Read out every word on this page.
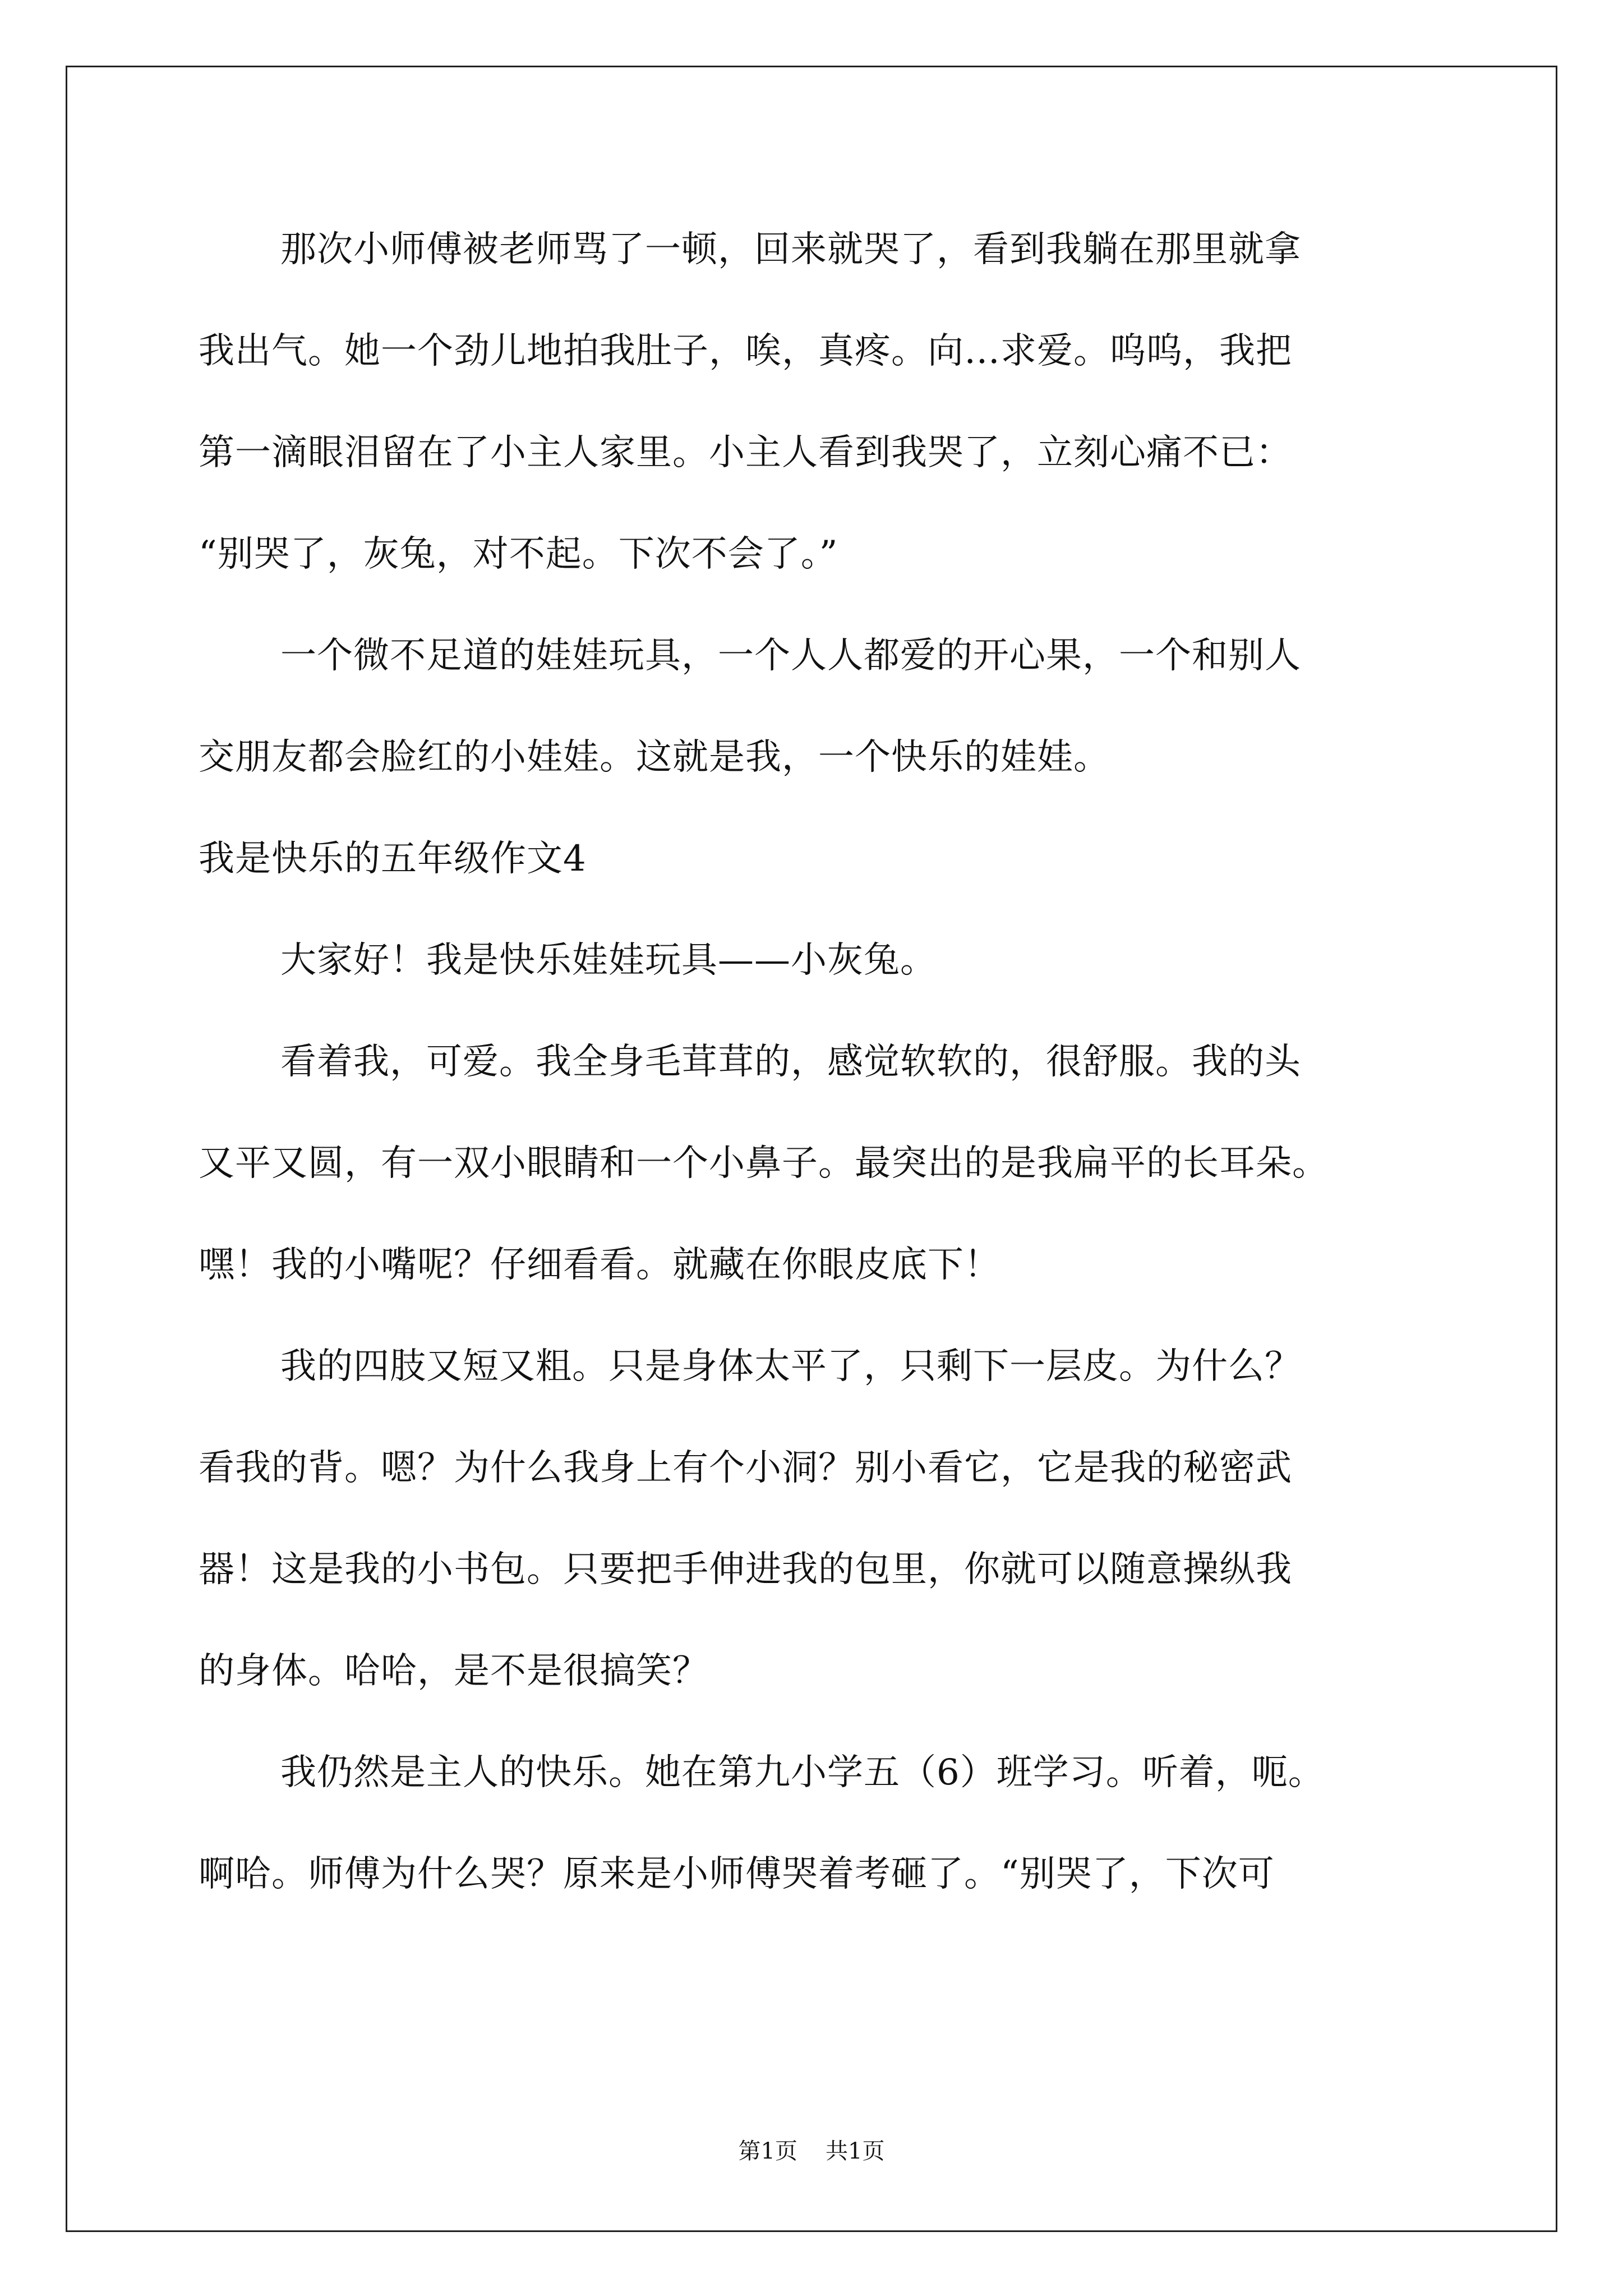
那次小师傅被老师骂了一顿，回来就哭了，看到我躺在那里就拿
我出气。她一个劲儿地拍我肚子，唉，真疼。向…求爱。呜呜，我把
第一滴眼泪留在了小主人家里。小主人看到我哭了，立刻心痛不已：
“别哭了，灰兔，对不起。下次不会了。”
一个微不足道的娃娃玩具，一个人人都爱的开心果，一个和别人
交朋友都会脸红的小娃娃。这就是我，一个快乐的娃娃。
我是快乐的五年级作文4
大家好！我是快乐娃娃玩具——小灰兔。
看着我，可爱。我全身毛茸茸的，感觉软软的，很舒服。我的头
又平又圆，有一双小眼睛和一个小鼻子。最突出的是我扁平的长耳朵。
嘿！我的小嘴呢？仔细看看。就藏在你眼皮底下！
我的四肢又短又粗。只是身体太平了，只剩下一层皮。为什么？
看我的背。嗯？为什么我身上有个小洞？别小看它，它是我的秘密武
器！这是我的小书包。只要把手伸进我的包里，你就可以随意操纵我
的身体。哈哈，是不是很搞笑？
我仍然是主人的快乐。她在第九小学五（6）班学习。听着，呃。
啊哈。师傅为什么哭？原来是小师傅哭着考砸了。“别哭了，下次可
第1页 共1页
